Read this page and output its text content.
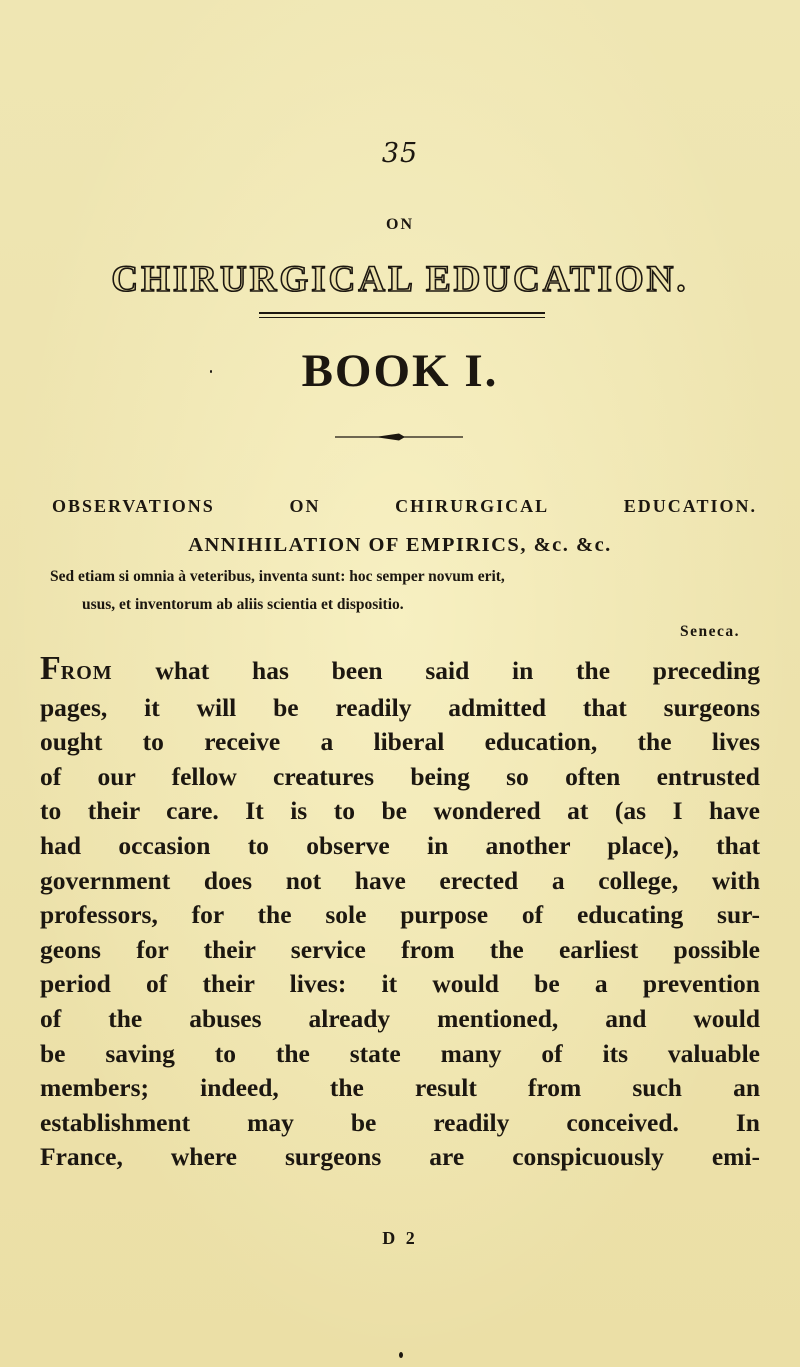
35
ON
CHIRURGICAL EDUCATION.
BOOK I.
OBSERVATIONS	ON	CHIRURGICAL	EDUCATION.
ANNIHILATION OF EMPIRICS, &c. &c.
Sed etiam si omnia à veteribus, inventa sunt: hoc semper novum erit,
usus, et inventorum ab aliis scientia et dispositio.
Seneca.
FROM what has been said in the preceding
pages, it will be readily admitted that surgeons
ought to receive a liberal education, the lives
of our fellow creatures being so often entrusted
to their care. It is to be wondered at (as I have
had occasion to observe in another place), that
government does not have erected a college, with
professors, for the sole purpose of educating sur-
geons for their service from the earliest possible
period of their lives: it would be a prevention
of the abuses already mentioned, and would
be saving to the state many of its valuable
members; indeed, the result from such an
establishment may be readily conceived. In
France, where surgeons are conspicuously emi-
D 2
